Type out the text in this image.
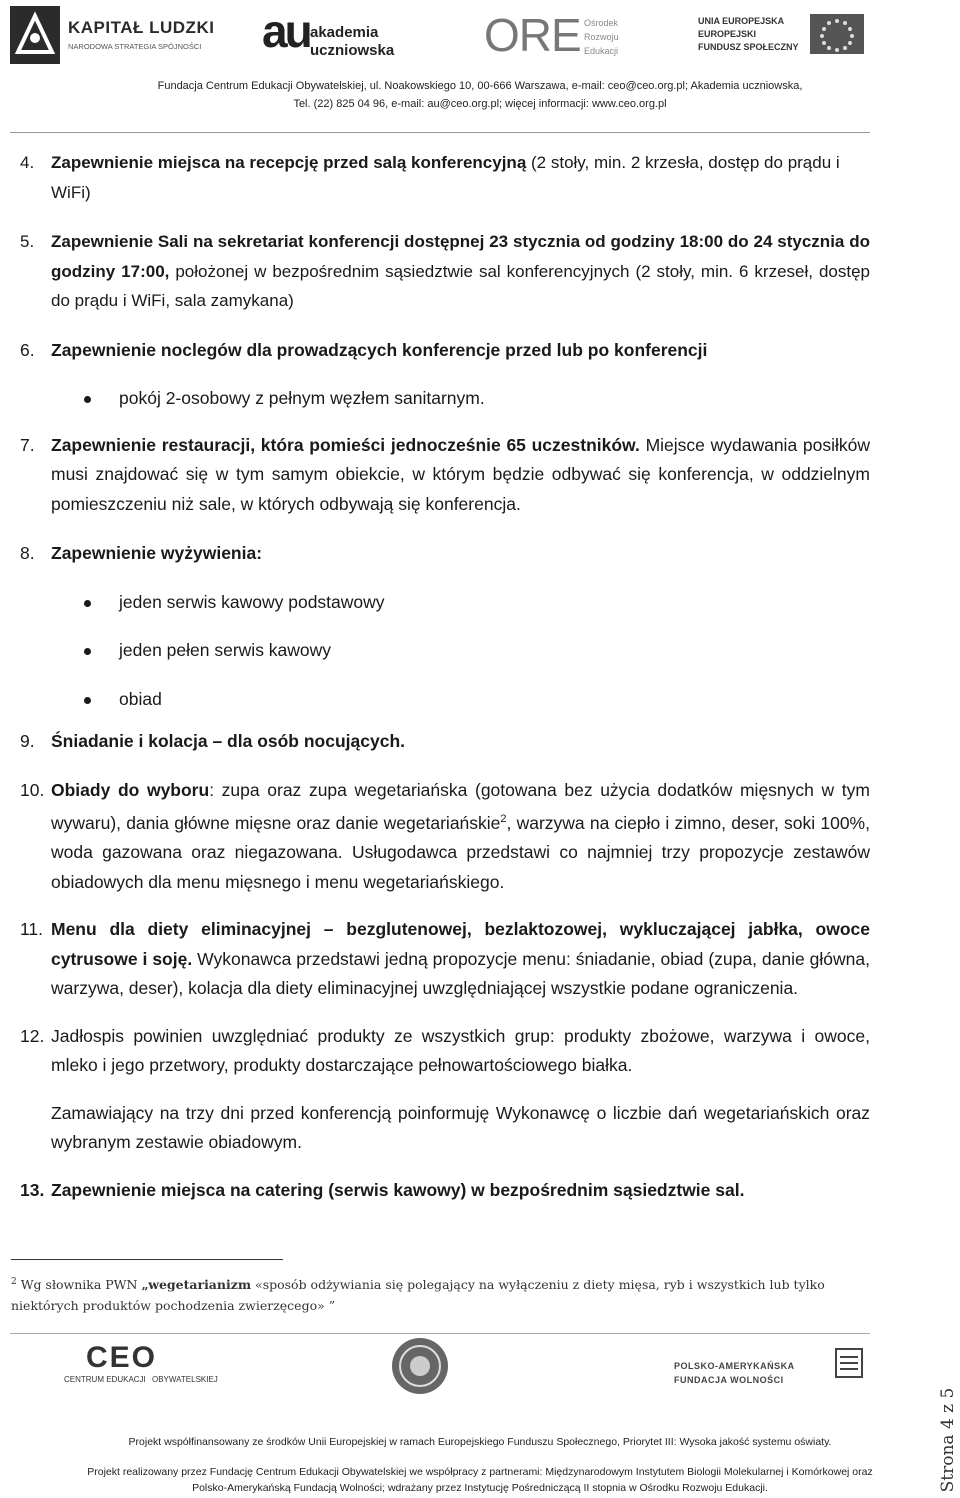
KAPITAŁ LUDZKI
NARODOWA STRATEGIA SPÓJNOŚCI au akademia
uczniowska ORE Ośrodek
Rozwoju
Edukacji
UNIA EUROPEJSKA
EUROPEJSKI
FUNDUSZ SPOŁECZNY
Fundacja Centrum Edukacji Obywatelskiej, ul. Noakowskiego 10, 00-666 Warszawa, e-mail: ceo@ceo.org.pl; Akademia uczniowska,
Tel. (22) 825 04 96, e-mail: au@ceo.org.pl; więcej informacji: www.ceo.org.pl
4. Zapewnienie miejsca na recepcję przed salą konferencyjną (2 stoły, min. 2 krzesła, dostęp do prądu i WiFi)
5. Zapewnienie Sali na sekretariat konferencji dostępnej 23 stycznia od godziny 18:00 do 24 stycznia do godziny 17:00, położonej w bezpośrednim sąsiedztwie sal konferencyjnych (2 stoły, min. 6 krzeseł, dostęp do prądu i WiFi, sala zamykana)
6. Zapewnienie noclegów dla prowadzących konferencje przed lub po konferencji
pokój 2-osobowy z pełnym węzłem sanitarnym.
7. Zapewnienie restauracji, która pomieści jednocześnie 65 uczestników. Miejsce wydawania posiłków musi znajdować się w tym samym obiekcie, w którym będzie odbywać się konferencja, w oddzielnym pomieszczeniu niż sale, w których odbywają się konferencja.
8. Zapewnienie wyżywienia:
jeden serwis kawowy podstawowy
jeden pełen serwis kawowy
obiad
9. Śniadanie i kolacja – dla osób nocujących.
10. Obiady do wyboru: zupa oraz zupa wegetariańska (gotowana bez użycia dodatków mięsnych w tym wywaru), dania główne mięsne oraz danie wegetariańskie$^2$, warzywa na ciepło i zimno, deser, soki 100%, woda gazowana oraz niegazowana. Usługodawca przedstawi co najmniej trzy propozycje zestawów obiadowych dla menu mięsnego i menu wegetariańskiego.
11. Menu dla diety eliminacyjnej – bezglutenowej, bezlaktozowej, wykluczającej jabłka, owoce cytrusowe i soję. Wykonawca przedstawi jedną propozycje menu: śniadanie, obiad (zupa, danie główna, warzywa, deser), kolacja dla diety eliminacyjnej uwzględniającej wszystkie podane ograniczenia.
12. Jadłospis powinien uwzględniać produkty ze wszystkich grup: produkty zbożowe, warzywa i owoce, mleko i jego przetwory, produkty dostarczające pełnowartościowego białka.
Zamawiający na trzy dni przed konferencją poinformuję Wykonawcę o liczbie dań wegetariańskich oraz wybranym zestawie obiadowym.
13. Zapewnienie miejsca na catering (serwis kawowy) w bezpośrednim sąsiedztwie sal.
$^2$ Wg słownika PWN „wegetarianizm «sposób odżywiania się polegający na wyłączeniu z diety mięsa, ryb i wszystkich lub tylko niektórych produktów pochodzenia zwierzęcego» ”
CEO
CENTRUM EDUKACJI OBYWATELSKIEJ
POLSKO-AMERYKAŃSKA
FUNDACJA WOLNOŚCI
Projekt współfinansowany ze środków Unii Europejskiej w ramach Europejskiego Funduszu Społecznego, Priorytet III: Wysoka jakość systemu oświaty.
Projekt realizowany przez Fundację Centrum Edukacji Obywatelskiej we współpracy z partnerami: Międzynarodowym Instytutem Biologii Molekularnej i Komórkowej oraz
Polsko-Amerykańską Fundacją Wolności; wdrażany przez Instytucję Pośredniczącą II stopnia w Ośrodku Rozwoju Edukacji.	Strona 4 z 5
